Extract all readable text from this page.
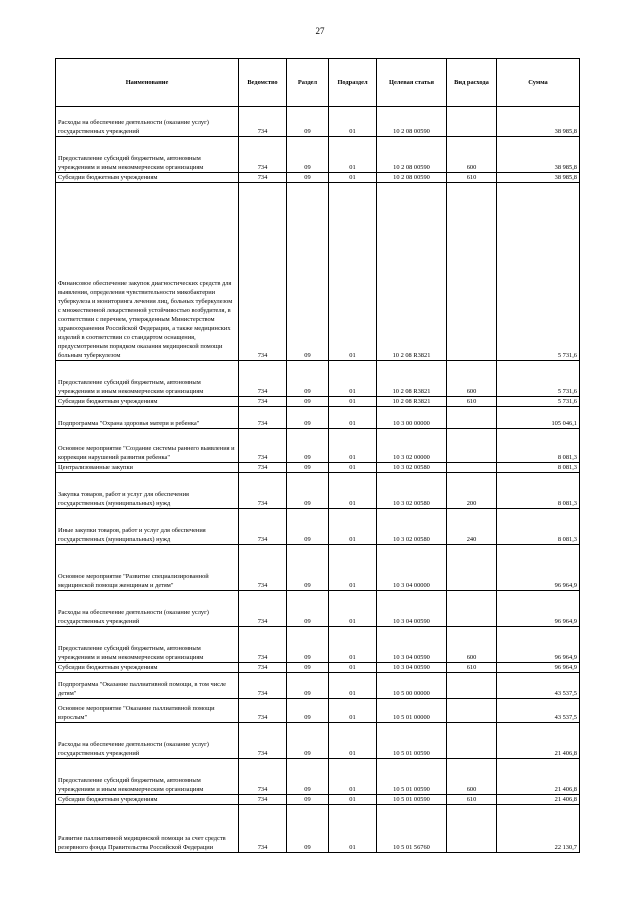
27
Наименование	Ведомство	Раздел	Подраздел	Целевая статья	Вид расхода	Сумма
Расходы на обеспечение деятельности (оказание услуг) государственных учреждений	734	09	01	10 2 08 00590		38 985,8
Предоставление субсидий бюджетным, автономным учреждениям и иным некоммерческим организациям	734	09	01	10 2 08 00590	600	38 985,8
Субсидии бюджетным учреждениям	734	09	01	10 2 08 00590	610	38 985,8
Финансовое обеспечение закупок диагностических средств для выявления, определения чувствительности микобактерии туберкулеза и мониторинга лечения лиц, больных туберкулезом с множественной лекарственной устойчивостью возбудителя, в соответствии с перечнем, утвержденным Министерством здравоохранения Российской Федерации, а также медицинских изделий в соответствии со стандартом оснащения, предусмотренным порядком оказания медицинской помощи больным туберкулезом	734	09	01	10 2 08 R3821		5 731,6
Предоставление субсидий бюджетным, автономным учреждениям и иным некоммерческим организациям	734	09	01	10 2 08 R3821	600	5 731,6
Субсидии бюджетным учреждениям	734	09	01	10 2 08 R3821	610	5 731,6
Подпрограмма "Охрана здоровья матери и ребенка"	734	09	01	10 3 00 00000		105 046,1
Основное мероприятие "Создание системы раннего выявления и коррекции нарушений развития ребенка"	734	09	01	10 3 02 00000		8 081,3
Централизованные закупки	734	09	01	10 3 02 00580		8 081,3
Закупка товаров, работ и услуг для обеспечения государственных (муниципальных) нужд	734	09	01	10 3 02 00580	200	8 081,3
Иные закупки товаров, работ и услуг для обеспечения государственных (муниципальных) нужд	734	09	01	10 3 02 00580	240	8 081,3
Основное мероприятие "Развитие специализированной медицинской помощи женщинам и детям"	734	09	01	10 3 04 00000		96 964,9
Расходы на обеспечение деятельности (оказание услуг) государственных учреждений	734	09	01	10 3 04 00590		96 964,9
Предоставление субсидий бюджетным, автономным учреждениям и иным некоммерческим организациям	734	09	01	10 3 04 00590	600	96 964,9
Субсидии бюджетным учреждениям	734	09	01	10 3 04 00590	610	96 964,9
Подпрограмма "Оказание паллиативной помощи, в том числе детям"	734	09	01	10 5 00 00000		43 537,5
Основное мероприятие "Оказание паллиативной помощи взрослым"	734	09	01	10 5 01 00000		43 537,5
Расходы на обеспечение деятельности (оказание услуг) государственных учреждений	734	09	01	10 5 01 00590		21 406,8
Предоставление субсидий бюджетным, автономным учреждениям и иным некоммерческим организациям	734	09	01	10 5 01 00590	600	21 406,8
Субсидии бюджетным учреждениям	734	09	01	10 5 01 00590	610	21 406,8
Развитие паллиативной медицинской помощи за счет средств резервного фонда Правительства Российской Федерации	734	09	01	10 5 01 56760		22 130,7
